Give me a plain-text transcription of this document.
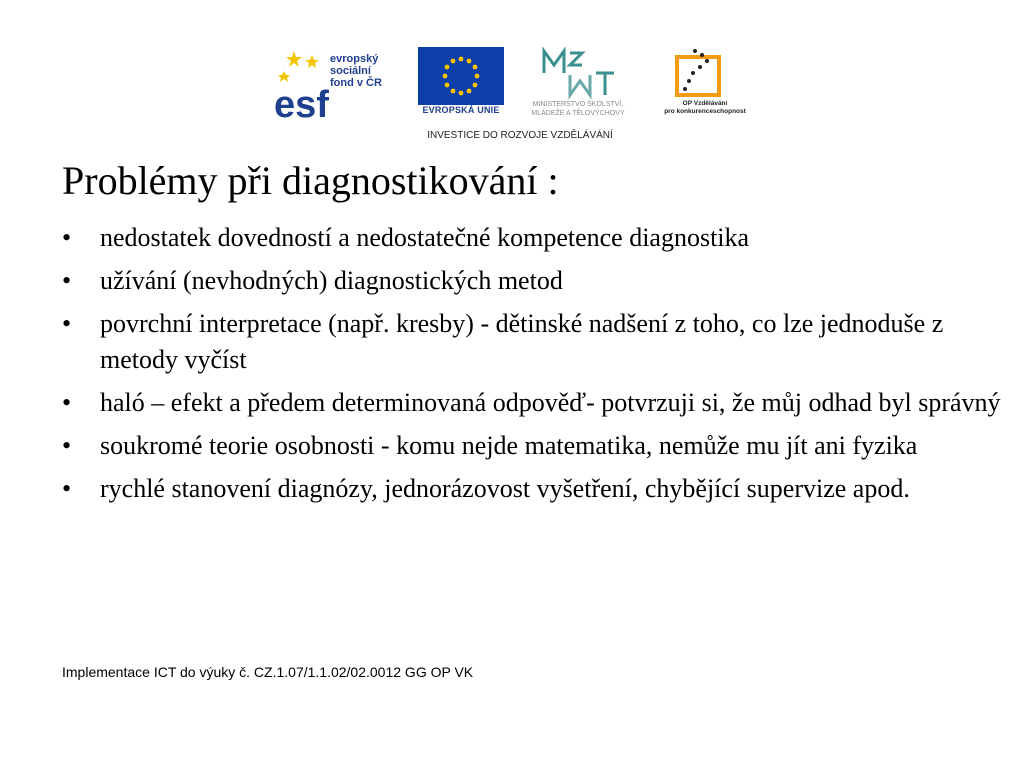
esf
evropský
sociální
fond v ČR
EVROPSKÁ UNIE
MINISTERSTVO ŠKOLSTVÍ,
MLÁDEŽE A TĚLOVÝCHOVY
OP Vzdělávání
pro konkurenceschopnost
INVESTICE DO ROZVOJE VZDĚLÁVÁNÍ
Problémy při diagnostikování :
• nedostatek dovedností a nedostatečné kompetence diagnostika
• užívání (nevhodných) diagnostických metod
• povrchní interpretace (např. kresby) - dětinské nadšení z toho, co lze jednoduše z metody vyčíst
• haló – efekt a předem determinovaná odpověď- potvrzuji si, že můj odhad byl správný
• soukromé teorie osobnosti - komu nejde matematika, nemůže mu jít ani fyzika
• rychlé stanovení diagnózy, jednorázovost vyšetření, chybějící supervize apod.
Implementace ICT do výuky č. CZ.1.07/1.1.02/02.0012 GG OP VK
